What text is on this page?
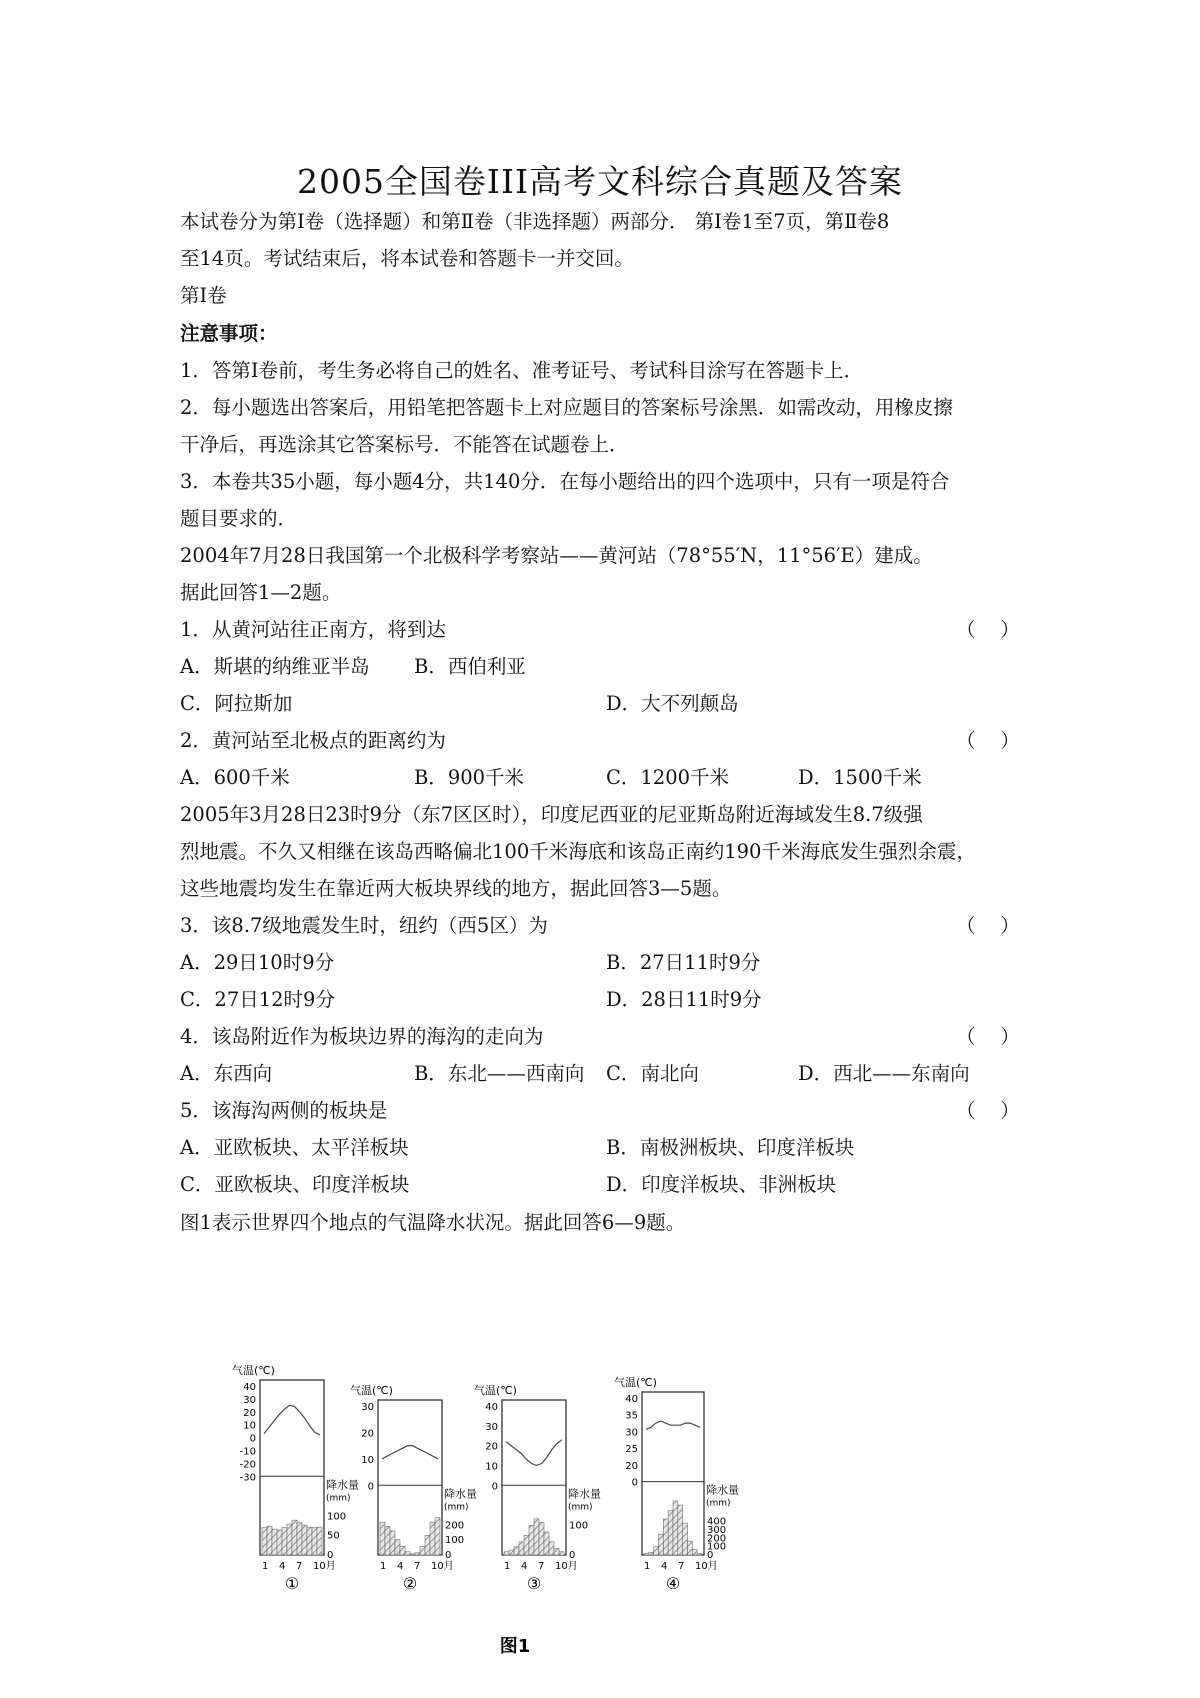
2005全国卷III高考文科综合真题及答案
本试卷分为第Ⅰ卷（选择题）和第Ⅱ卷（非选择题）两部分． 第Ⅰ卷1至7页，第Ⅱ卷8
至14页。考试结束后，将本试卷和答题卡一并交回。
第Ⅰ卷
注意事项：
1．答第Ⅰ卷前，考生务必将自己的姓名、准考证号、考试科目涂写在答题卡上．
2．每小题选出答案后，用铅笔把答题卡上对应题目的答案标号涂黑．如需改动，用橡皮擦
干净后，再选涂其它答案标号．不能答在试题卷上．
3．本卷共35小题，每小题4分，共140分．在每小题给出的四个选项中，只有一项是符合
题目要求的．
2004年7月28日我国第一个北极科学考察站——黄河站（78°55′N，11°56′E）建成。
据此回答1—2题。
1．从黄河站往正南方，将到达	（    ）
A．斯堪的纳维亚半岛 B．西伯利亚
C．阿拉斯加	D．大不列颠岛
2．黄河站至北极点的距离约为	（    ）
A．600千米	B．900千米	C．1200千米	D．1500千米
2005年3月28日23时9分（东7区区时），印度尼西亚的尼亚斯岛附近海域发生8.7级强
烈地震。不久又相继在该岛西略偏北100千米海底和该岛正南约190千米海底发生强烈余震，
这些地震均发生在靠近两大板块界线的地方，据此回答3—5题。
3．该8.7级地震发生时，纽约（西5区）为	（    ）
A．29日10时9分	B．27日11时9分
C．27日12时9分	D．28日11时9分
4．该岛附近作为板块边界的海沟的走向为	（    ）
A．东西向	B．东北——西南向 C．南北向	D．西北——东南向
5．该海沟两侧的板块是	（    ）
A．亚欧板块、太平洋板块	B．南极洲板块、印度洋板块
C．亚欧板块、印度洋板块	D．印度洋板块、非洲板块
图1表示世界四个地点的气温降水状况。据此回答6—9题。
气温(℃)
40
30
20
10
0
-10
-20
-30
降水量
(mm)
100
50
0
1 4 7 10月
①
气温(℃)
30
20
10
0
降水量
(mm)
200
100
0
1 4 7 10月
②
气温(℃)
40
30
20
10
0
降水量
(mm)
100
0
1 4 7 10月
③
气温(℃)
40
35
30
25
20
0
降水量
(mm)
400
300
200
100
0
1 4 7 10月
④
图1
